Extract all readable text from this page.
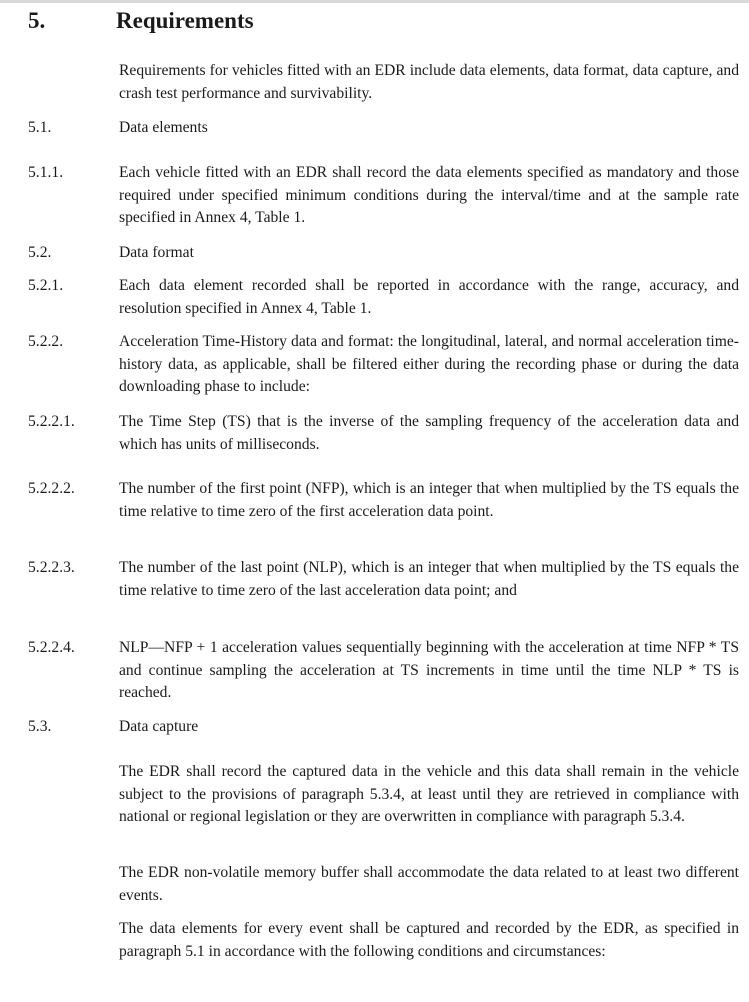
5.	Requirements
Requirements for vehicles fitted with an EDR include data elements, data format, data capture, and crash test performance and survivability.
5.1.	Data elements
5.1.1.	Each vehicle fitted with an EDR shall record the data elements specified as mandatory and those required under specified minimum conditions during the interval/time and at the sample rate specified in Annex 4, Table 1.
5.2.	Data format
5.2.1.	Each data element recorded shall be reported in accordance with the range, accuracy, and resolution specified in Annex 4, Table 1.
5.2.2.	Acceleration Time-History data and format: the longitudinal, lateral, and normal acceleration time-history data, as applicable, shall be filtered either during the recording phase or during the data downloading phase to include:
5.2.2.1.	The Time Step (TS) that is the inverse of the sampling frequency of the acceleration data and which has units of milliseconds.
5.2.2.2.	The number of the first point (NFP), which is an integer that when multiplied by the TS equals the time relative to time zero of the first acceleration data point.
5.2.2.3.	The number of the last point (NLP), which is an integer that when multiplied by the TS equals the time relative to time zero of the last acceleration data point; and
5.2.2.4.	NLP—NFP + 1 acceleration values sequentially beginning with the acceleration at time NFP * TS and continue sampling the acceleration at TS increments in time until the time NLP * TS is reached.
5.3.	Data capture
The EDR shall record the captured data in the vehicle and this data shall remain in the vehicle subject to the provisions of paragraph 5.3.4, at least until they are retrieved in compliance with national or regional legislation or they are overwritten in compliance with paragraph 5.3.4.
The EDR non-volatile memory buffer shall accommodate the data related to at least two different events.
The data elements for every event shall be captured and recorded by the EDR, as specified in paragraph 5.1 in accordance with the following conditions and circumstances:
